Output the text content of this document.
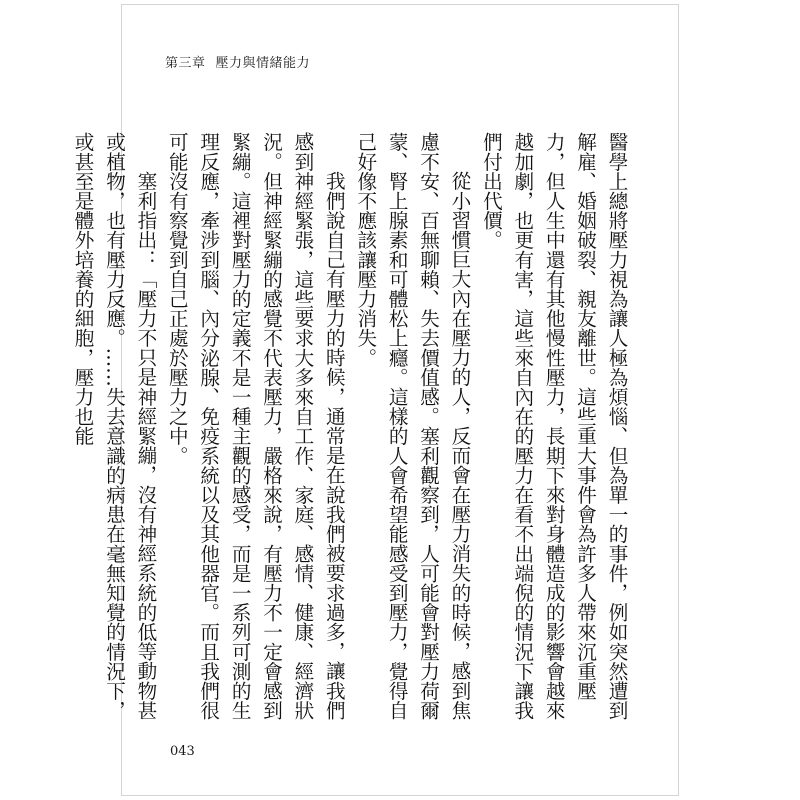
第三章 壓力與情緒能力

醫學上總將壓力視為讓人極為煩惱、但為單一的事件，例如突然遭到解雇、婚姻破裂、親友離世。這些重大事件會為許多人帶來沉重壓力，但人生中還有其他慢性壓力，長期下來對身體造成的影響會越來越加劇，也更有害，這些來自內在的壓力在看不出端倪的情況下讓我們付出代價。

從小習慣巨大內在壓力的人，反而會在壓力消失的時候，感到焦慮不安、百無聊賴、失去價值感。塞利觀察到，人可能會對壓力荷爾蒙、腎上腺素和可體松上癮。這樣的人會希望能感受到壓力，覺得自己好像不應該讓壓力消失。

我們說自己有壓力的時候，通常是在說我們被要求過多，讓我們感到神經緊張，這些要求大多來自工作、家庭、感情、健康、經濟狀況。但神經緊繃的感覺不代表壓力，嚴格來說，有壓力不一定會感到緊繃。這裡對壓力的定義不是一種主觀的感受，而是一系列可測的生理反應，牽涉到腦、內分泌腺、免疫系統以及其他器官。而且我們很可能沒有察覺到自己正處於壓力之中。

塞利指出：「壓力不只是神經緊繃，沒有神經系統的低等動物甚或植物，也有壓力反應。……失去意識的病患在毫無知覺的情況下，或甚至是體外培養的細胞，壓力也能

043
